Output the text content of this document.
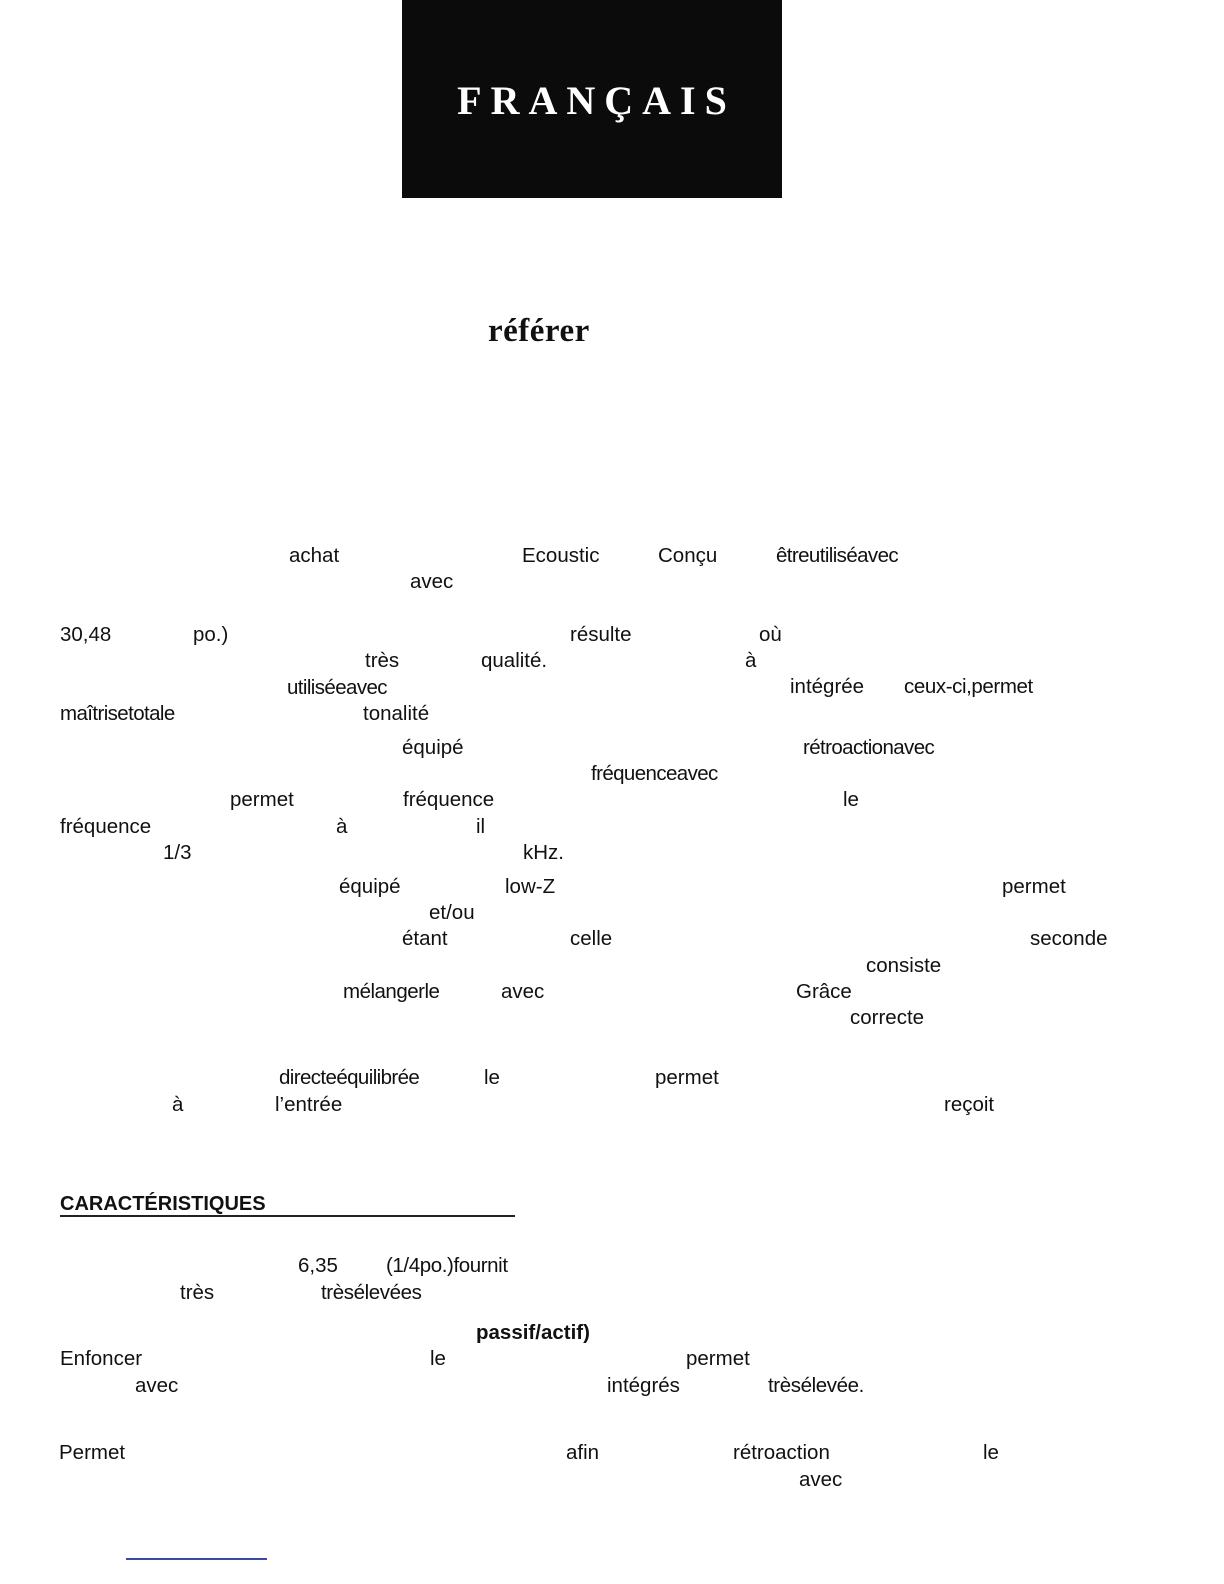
FRANÇAIS
référer
achat	Ecoustic	Conçu	êtreutiliséavec
avec
30,48	po.)	résulte	où
très	qualité.	à
utiliséeavec	intégrée ceux-ci,permet
maîtrisetotale	tonalité
équipé	rétroactionavec
fréquenceavec
permet	fréquence	le
fréquence	à	il
1/3	kHz.
équipé	low-Z	permet
et/ou
étant	celle	seconde
consiste
mélangerle	avec	Grâce
correcte
directeéquilibrée	le	permet
à	l’entrée	reçoit
CARACTÉRISTIQUES
6,35 (1/4po.)fournit
très	trèsélevées
passif/actif)
Enfoncer	le	permet
avec	intégrés	trèsélevée.
Permet	afin	rétroaction	le
avec
